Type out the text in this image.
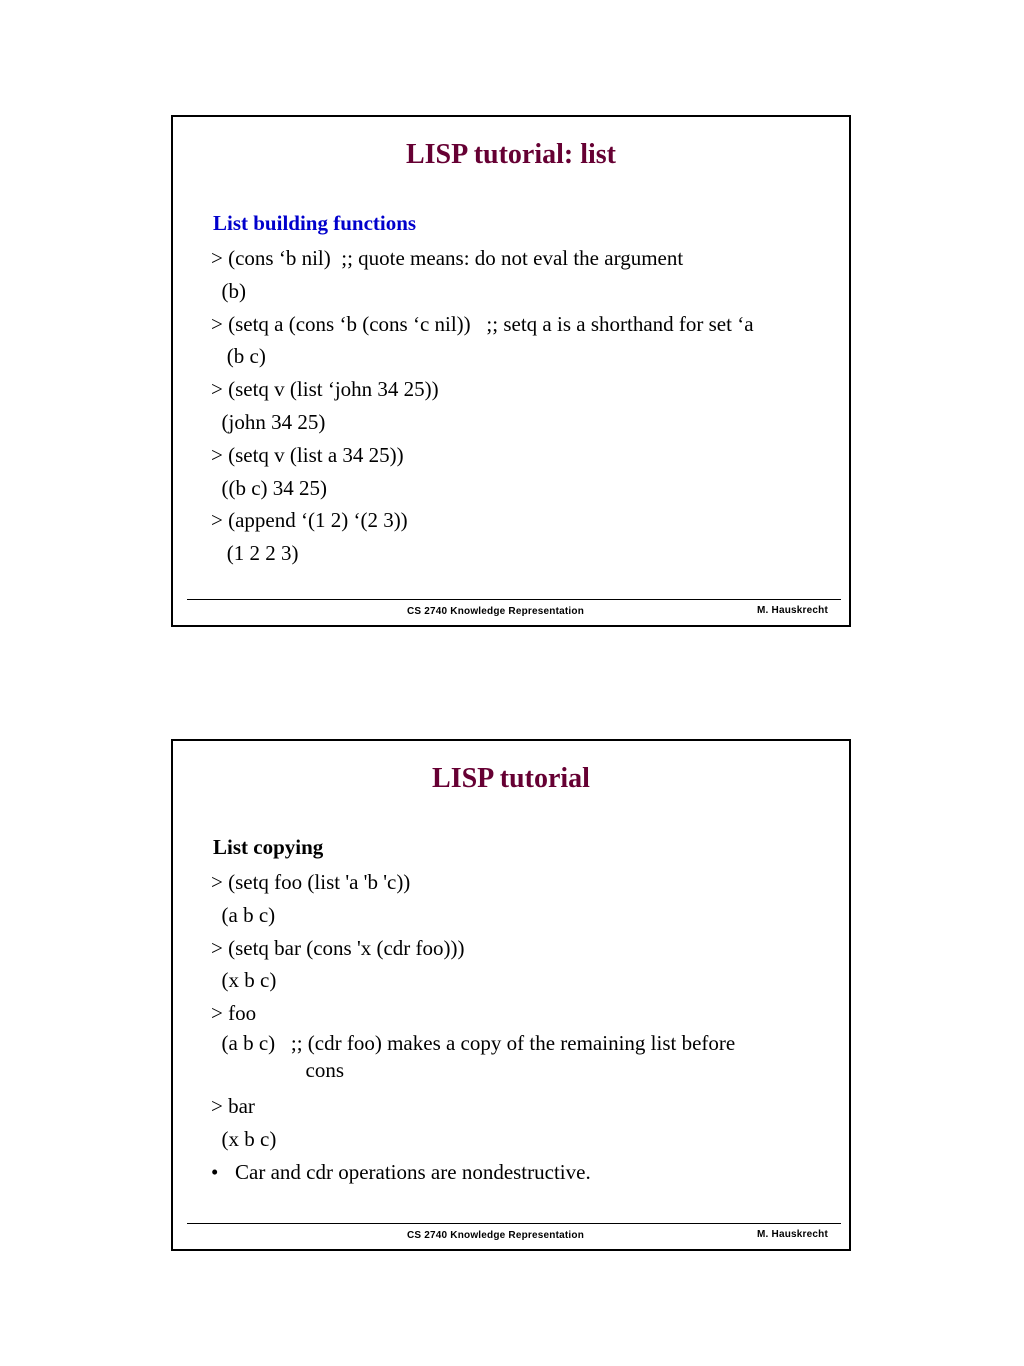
LISP tutorial: list
List building functions
> (cons ‘b nil)  ;; quote means: do not eval the argument
(b)
> (setq a (cons ‘b (cons ‘c nil))   ;; setq a is a shorthand for set ‘a
(b c)
> (setq v (list ‘john 34 25))
(john 34 25)
> (setq v (list a 34 25))
((b c) 34 25)
> (append ‘(1 2) ‘(2 3))
(1 2 2 3)
CS 2740 Knowledge Representation	M. Hauskrecht
LISP tutorial
List copying
> (setq foo (list 'a 'b 'c))
(a b c)
> (setq bar (cons 'x (cdr foo)))
(x b c)
> foo
(a b c)   ;; (cdr foo) makes a copy of the remaining list before
cons
> bar
(x b c)
• Car and cdr operations are nondestructive.
CS 2740 Knowledge Representation	M. Hauskrecht
